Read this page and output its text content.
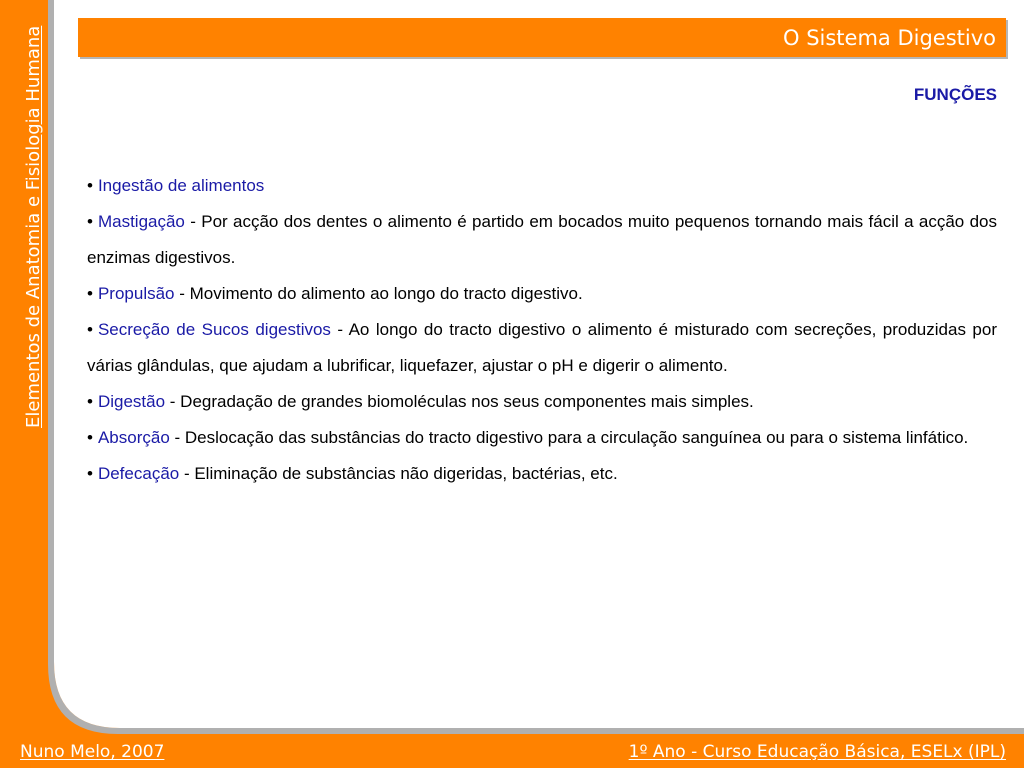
Elementos de Anatomia e Fisiologia Humana	O Sistema Digestivo
FUNÇÕES

• Ingestão de alimentos

• Mastigação - Por acção dos dentes o alimento é partido em bocados muito pequenos tornando mais fácil a acção dos enzimas digestivos.

• Propulsão - Movimento do alimento ao longo do tracto digestivo.

• Secreção de Sucos digestivos - Ao longo do tracto digestivo o alimento é misturado com secreções, produzidas por várias glândulas, que ajudam a lubrificar, liquefazer, ajustar o pH e digerir o alimento.

• Digestão - Degradação de grandes biomoléculas nos seus componentes mais simples.

• Absorção - Deslocação das substâncias do tracto digestivo para a circulação sanguínea ou para o sistema linfático.

• Defecação - Eliminação de substâncias não digeridas, bactérias, etc.

Nuno Melo, 2007	1º Ano - Curso Educação Básica, ESELx (IPL)
